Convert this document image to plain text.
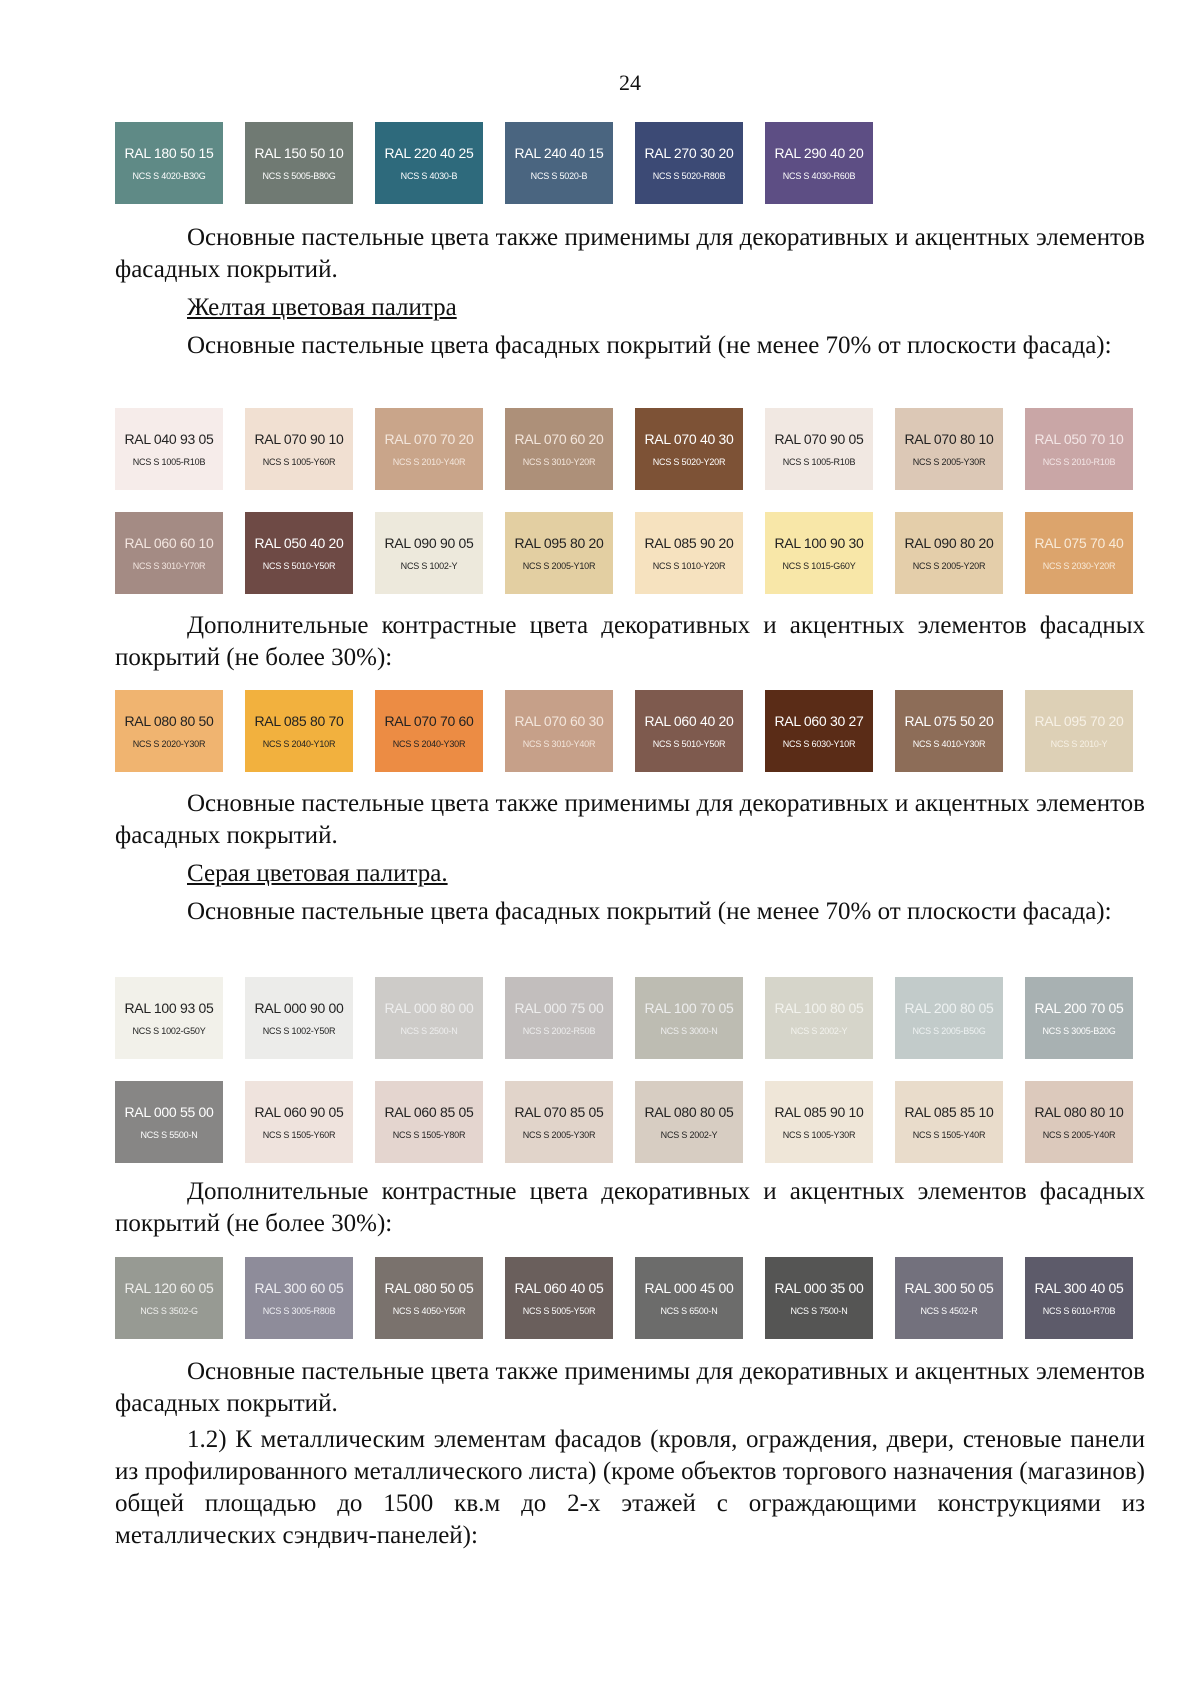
24
RAL 180 50 15
NCS S 4020-B30G
RAL 150 50 10
NCS S 5005-B80G
RAL 220 40 25
NCS S 4030-B
RAL 240 40 15
NCS S 5020-B
RAL 270 30 20
NCS S 5020-R80B
RAL 290 40 20
NCS S 4030-R60B
RAL 040 93 05
NCS S 1005-R10B
RAL 070 90 10
NCS S 1005-Y60R
RAL 070 70 20
NCS S 2010-Y40R
RAL 070 60 20
NCS S 3010-Y20R
RAL 070 40 30
NCS S 5020-Y20R
RAL 070 90 05
NCS S 1005-R10B
RAL 070 80 10
NCS S 2005-Y30R
RAL 050 70 10
NCS S 2010-R10B
RAL 060 60 10
NCS S 3010-Y70R
RAL 050 40 20
NCS S 5010-Y50R
RAL 090 90 05
NCS S 1002-Y
RAL 095 80 20
NCS S 2005-Y10R
RAL 085 90 20
NCS S 1010-Y20R
RAL 100 90 30
NCS S 1015-G60Y
RAL 090 80 20
NCS S 2005-Y20R
RAL 075 70 40
NCS S 2030-Y20R
RAL 080 80 50
NCS S 2020-Y30R
RAL 085 80 70
NCS S 2040-Y10R
RAL 070 70 60
NCS S 2040-Y30R
RAL 070 60 30
NCS S 3010-Y40R
RAL 060 40 20
NCS S 5010-Y50R
RAL 060 30 27
NCS S 6030-Y10R
RAL 075 50 20
NCS S 4010-Y30R
RAL 095 70 20
NCS S 2010-Y
RAL 100 93 05
NCS S 1002-G50Y
RAL 000 90 00
NCS S 1002-Y50R
RAL 000 80 00
NCS S 2500-N
RAL 000 75 00
NCS S 2002-R50B
RAL 100 70 05
NCS S 3000-N
RAL 100 80 05
NCS S 2002-Y
RAL 200 80 05
NCS S 2005-B50G
RAL 200 70 05
NCS S 3005-B20G
RAL 000 55 00
NCS S 5500-N
RAL 060 90 05
NCS S 1505-Y60R
RAL 060 85 05
NCS S 1505-Y80R
RAL 070 85 05
NCS S 2005-Y30R
RAL 080 80 05
NCS S 2002-Y
RAL 085 90 10
NCS S 1005-Y30R
RAL 085 85 10
NCS S 1505-Y40R
RAL 080 80 10
NCS S 2005-Y40R
RAL 120 60 05
NCS S 3502-G
RAL 300 60 05
NCS S 3005-R80B
RAL 080 50 05
NCS S 4050-Y50R
RAL 060 40 05
NCS S 5005-Y50R
RAL 000 45 00
NCS S 6500-N
RAL 000 35 00
NCS S 7500-N
RAL 300 50 05
NCS S 4502-R
RAL 300 40 05
NCS S 6010-R70B
Основные пастельные цвета также применимы для декоративных и акцентных элементов фасадных покрытий.
Желтая цветовая палитра
Основные пастельные цвета фасадных покрытий (не менее 70% от плоскости фасада):
Дополнительные контрастные цвета декоративных и акцентных элементов фасадных покрытий (не более 30%):
Основные пастельные цвета также применимы для декоративных и акцентных элементов фасадных покрытий.
Серая цветовая палитра.
Основные пастельные цвета фасадных покрытий (не менее 70% от плоскости фасада):
Дополнительные контрастные цвета декоративных и акцентных элементов фасадных покрытий (не более 30%):
Основные пастельные цвета также применимы для декоративных и акцентных элементов фасадных покрытий.
1.2) К металлическим элементам фасадов (кровля, ограждения, двери, стеновые панели из профилированного металлического листа) (кроме объектов торгового назначения (магазинов) общей площадью до 1500 кв.м до 2-х этажей с ограждающими конструкциями из металлических сэндвич-панелей):
